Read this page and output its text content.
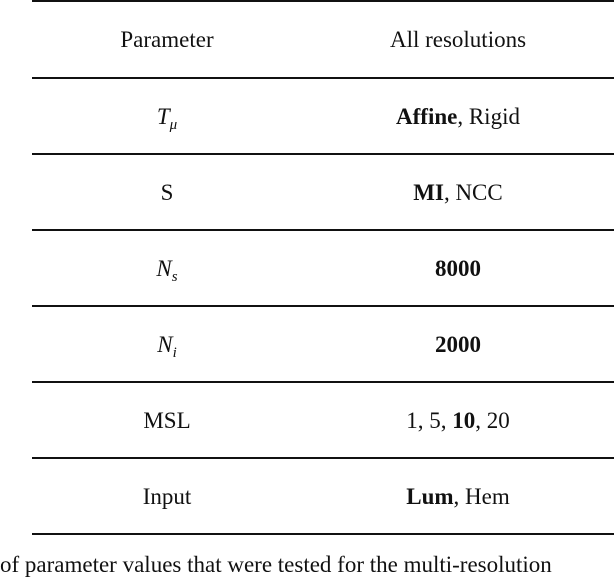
Parameter	All resolutions
$T_\mu$	Affine, Rigid
S	MI, NCC
$N_s$	8000
$N_i$	2000
MSL	1, 5, 10, 20
Input	Lum, Hem
of parameter values that were tested for the multi-resolution
